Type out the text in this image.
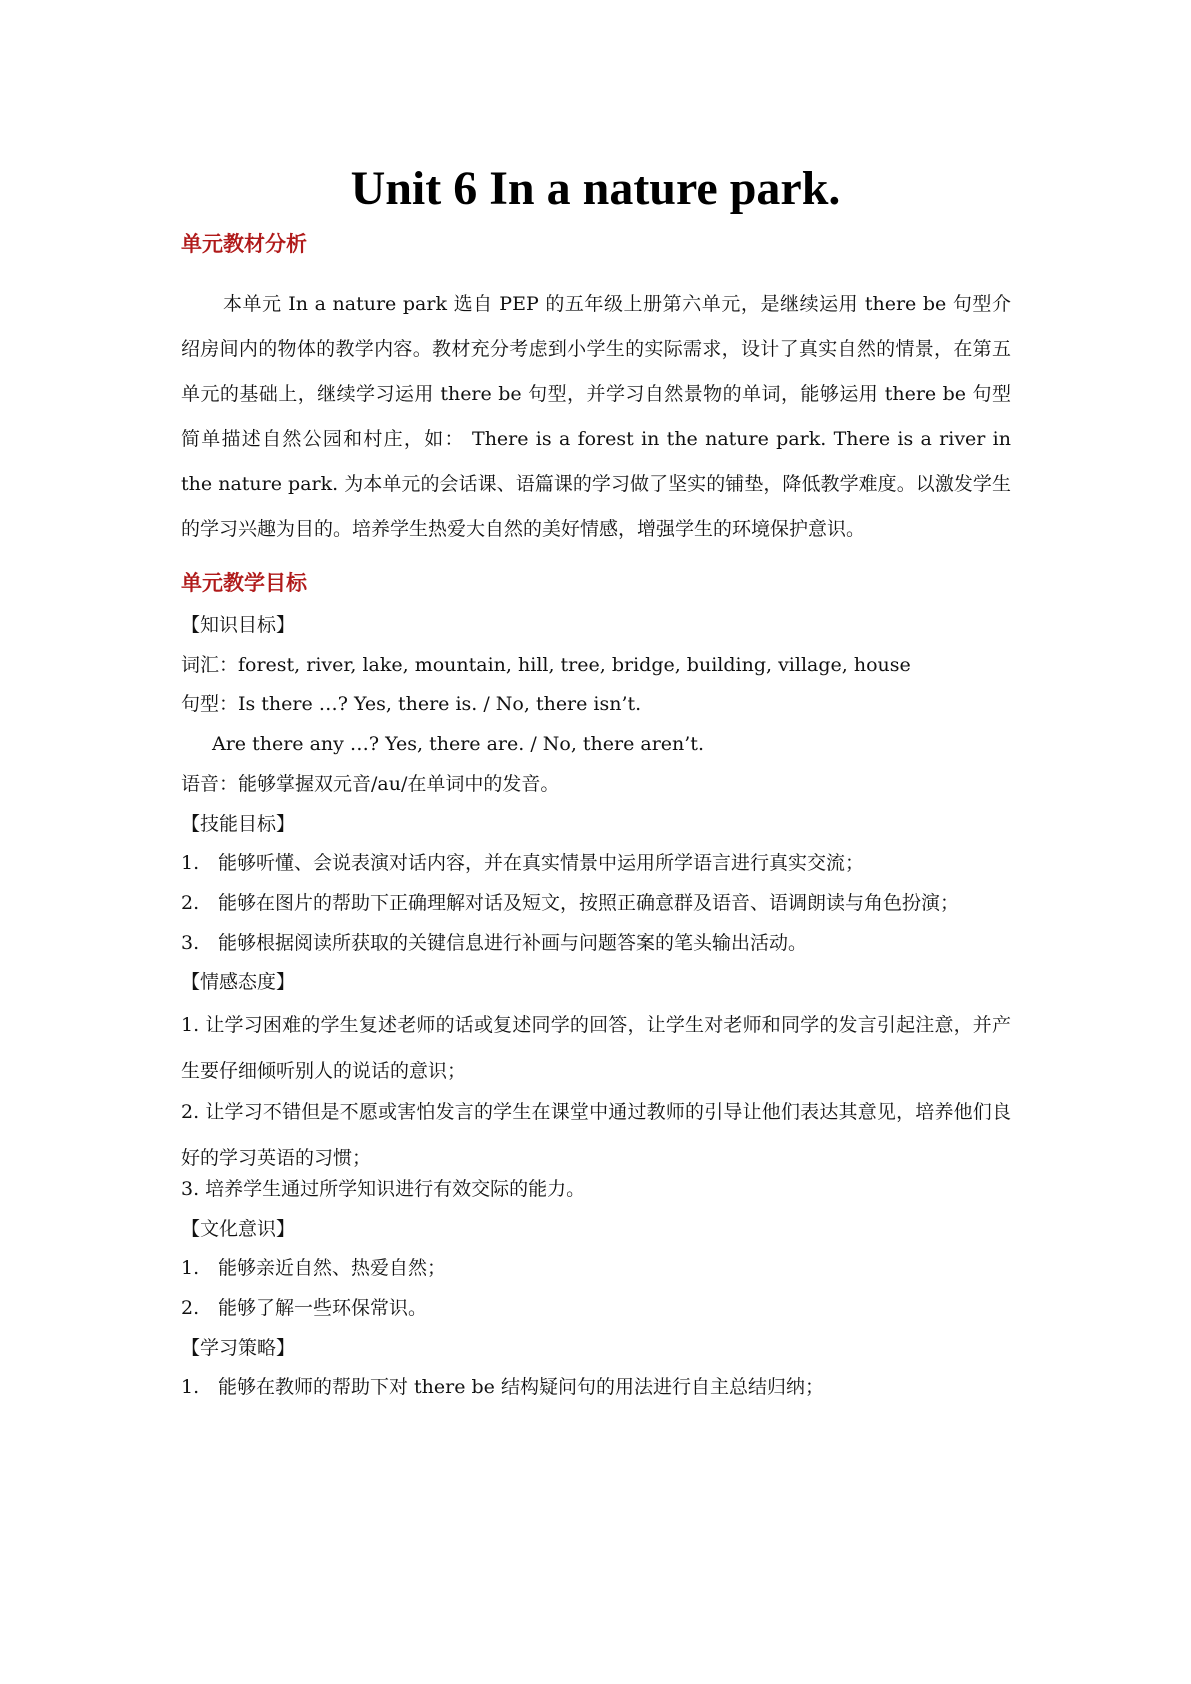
Unit 6 In a nature park.
单元教材分析
本单元 In a nature park 选自 PEP 的五年级上册第六单元，是继续运用 there be 句型介绍房间内的物体的教学内容。教材充分考虑到小学生的实际需求，设计了真实自然的情景，在第五单元的基础上，继续学习运用 there be 句型，并学习自然景物的单词，能够运用 there be 句型简单描述自然公园和村庄，如： There is a forest in the nature park. There is a river in the nature park. 为本单元的会话课、语篇课的学习做了坚实的铺垫，降低教学难度。以激发学生的学习兴趣为目的。培养学生热爱大自然的美好情感，增强学生的环境保护意识。
单元教学目标
【知识目标】
词汇：forest, river, lake, mountain, hill, tree, bridge, building, village, house
句型：Is there …? Yes, there is. / No, there isn’t.
Are there any …? Yes, there are. / No, there aren’t.
语音：能够掌握双元音/au/在单词中的发音。
【技能目标】
1. 能够听懂、会说表演对话内容，并在真实情景中运用所学语言进行真实交流；
2. 能够在图片的帮助下正确理解对话及短文，按照正确意群及语音、语调朗读与角色扮演；
3. 能够根据阅读所获取的关键信息进行补画与问题答案的笔头输出活动。
【情感态度】
1. 让学习困难的学生复述老师的话或复述同学的回答，让学生对老师和同学的发言引起注意，并产生要仔细倾听别人的说话的意识；
2. 让学习不错但是不愿或害怕发言的学生在课堂中通过教师的引导让他们表达其意见，培养他们良好的学习英语的习惯；
3. 培养学生通过所学知识进行有效交际的能力。
【文化意识】
1. 能够亲近自然、热爱自然；
2. 能够了解一些环保常识。
【学习策略】
1. 能够在教师的帮助下对 there be 结构疑问句的用法进行自主总结归纳；
